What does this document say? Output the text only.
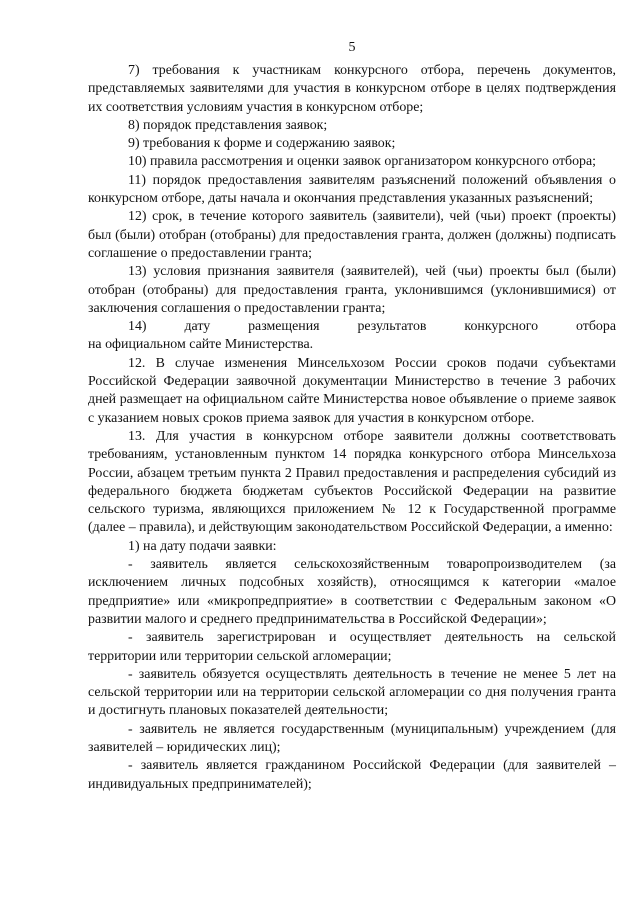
5

7) требования к участникам конкурсного отбора, перечень документов, представляемых заявителями для участия в конкурсном отборе в целях подтверждения их соответствия условиям участия в конкурсном отборе;

8) порядок представления заявок;

9) требования к форме и содержанию заявок;

10) правила рассмотрения и оценки заявок организатором конкурсного отбора;

11) порядок предоставления заявителям разъяснений положений объявления о конкурсном отборе, даты начала и окончания представления указанных разъяснений;

12) срок, в течение которого заявитель (заявители), чей (чьи) проект (проекты) был (были) отобран (отобраны) для предоставления гранта, должен (должны) подписать соглашение о предоставлении гранта;

13) условия признания заявителя (заявителей), чей (чьи) проекты был (были) отобран (отобраны) для предоставления гранта, уклонившимся (уклонившимися) от заключения соглашения о предоставлении гранта;

14) дату размещения результатов конкурсного отбора

на официальном сайте Министерства.

12. В случае изменения Минсельхозом России сроков подачи субъектами Российской Федерации заявочной документации Министерство в течение 3 рабочих дней размещает на официальном сайте Министерства новое объявление о приеме заявок с указанием новых сроков приема заявок для участия в конкурсном отборе.

13. Для участия в конкурсном отборе заявители должны соответствовать требованиям, установленным пунктом 14 порядка конкурсного отбора Минсельхоза России, абзацем третьим пункта 2 Правил предоставления и распределения субсидий из федерального бюджета бюджетам субъектов Российской Федерации на развитие сельского туризма, являющихся приложением № 12 к Государственной программе (далее – правила), и действующим законодательством Российской Федерации, а именно:

1) на дату подачи заявки:

- заявитель является сельскохозяйственным товаропроизводителем (за исключением личных подсобных хозяйств), относящимся к категории «малое предприятие» или «микропредприятие» в соответствии с Федеральным законом «О развитии малого и среднего предпринимательства в Российской Федерации»;

- заявитель зарегистрирован и осуществляет деятельность на сельской территории или территории сельской агломерации;

- заявитель обязуется осуществлять деятельность в течение не менее 5 лет на сельской территории или на территории сельской агломерации со дня получения гранта и достигнуть плановых показателей деятельности;

- заявитель не является государственным (муниципальным) учреждением (для заявителей – юридических лиц);

- заявитель является гражданином Российской Федерации (для заявителей – индивидуальных предпринимателей);
